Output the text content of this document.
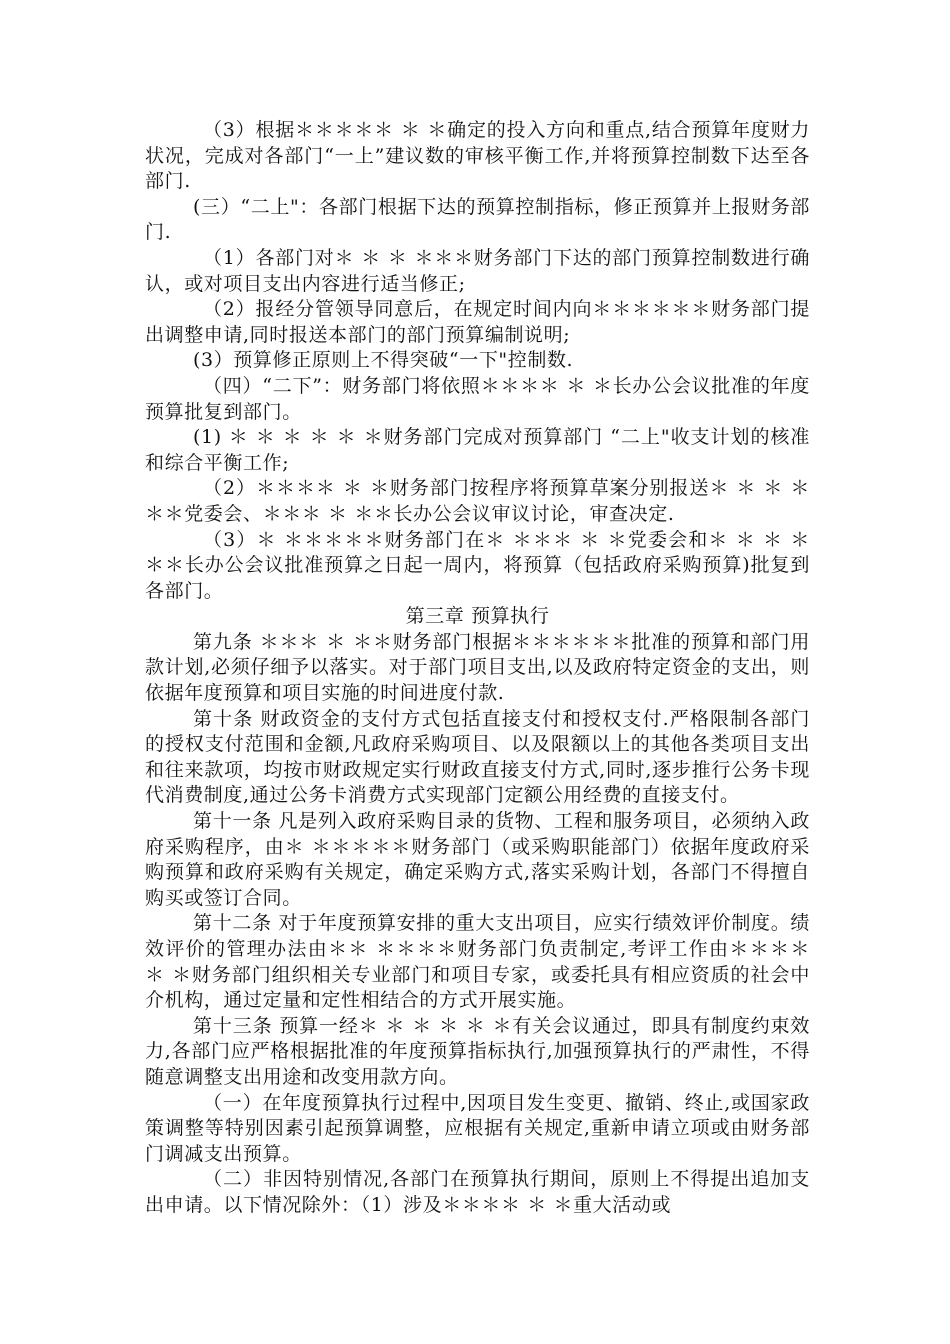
（3）根据＊＊＊＊＊ ＊ ＊确定的投入方向和重点,结合预算年度财力状况，完成对各部门“一上”建议数的审核平衡工作,并将预算控制数下达至各部门.

(三）“二上"：各部门根据下达的预算控制指标，修正预算并上报财务部门.

（1）各部门对＊ ＊ ＊ ＊＊＊财务部门下达的部门预算控制数进行确认，或对项目支出内容进行适当修正;

（2）报经分管领导同意后，在规定时间内向＊＊＊＊＊＊财务部门提出调整申请,同时报送本部门的部门预算编制说明;

(3）预算修正原则上不得突破“一下"控制数.

（四）“二下”：财务部门将依照＊＊＊＊ ＊ ＊长办公会议批准的年度预算批复到部门。

(1) ＊ ＊ ＊ ＊ ＊ ＊财务部门完成对预算部门 “二上"收支计划的核准和综合平衡工作;

（2）＊＊＊＊ ＊ ＊财务部门按程序将预算草案分别报送＊ ＊ ＊ ＊＊＊党委会、＊＊＊ ＊ ＊＊长办公会议审议讨论，审查决定.

（3）＊ ＊＊＊＊＊财务部门在＊ ＊＊＊ ＊ ＊党委会和＊ ＊ ＊ ＊＊＊长办公会议批准预算之日起一周内，将预算（包括政府采购预算)批复到各部门。

第三章 预算执行

第九条 ＊＊＊ ＊ ＊＊财务部门根据＊＊＊＊＊＊批准的预算和部门用款计划,必须仔细予以落实。对于部门项目支出,以及政府特定资金的支出，则依据年度预算和项目实施的时间进度付款.

第十条 财政资金的支付方式包括直接支付和授权支付.严格限制各部门的授权支付范围和金额,凡政府采购项目、以及限额以上的其他各类项目支出和往来款项，均按市财政规定实行财政直接支付方式,同时,逐步推行公务卡现代消费制度,通过公务卡消费方式实现部门定额公用经费的直接支付。

第十一条 凡是列入政府采购目录的货物、工程和服务项目，必须纳入政府采购程序，由＊ ＊＊＊＊＊财务部门（或采购职能部门）依据年度政府采购预算和政府采购有关规定，确定采购方式,落实采购计划，各部门不得擅自购买或签订合同。

第十二条 对于年度预算安排的重大支出项目，应实行绩效评价制度。绩效评价的管理办法由＊＊ ＊＊＊＊财务部门负责制定,考评工作由＊＊＊＊ ＊ ＊财务部门组织相关专业部门和项目专家，或委托具有相应资质的社会中介机构，通过定量和定性相结合的方式开展实施。

第十三条 预算一经＊ ＊ ＊ ＊ ＊ ＊有关会议通过，即具有制度约束效力,各部门应严格根据批准的年度预算指标执行,加强预算执行的严肃性，不得随意调整支出用途和改变用款方向。

（一）在年度预算执行过程中,因项目发生变更、撤销、终止,或国家政策调整等特别因素引起预算调整，应根据有关规定,重新申请立项或由财务部门调减支出预算。

（二）非因特别情况,各部门在预算执行期间，原则上不得提出追加支出申请。以下情况除外：（1）涉及＊＊＊＊ ＊ ＊重大活动或
